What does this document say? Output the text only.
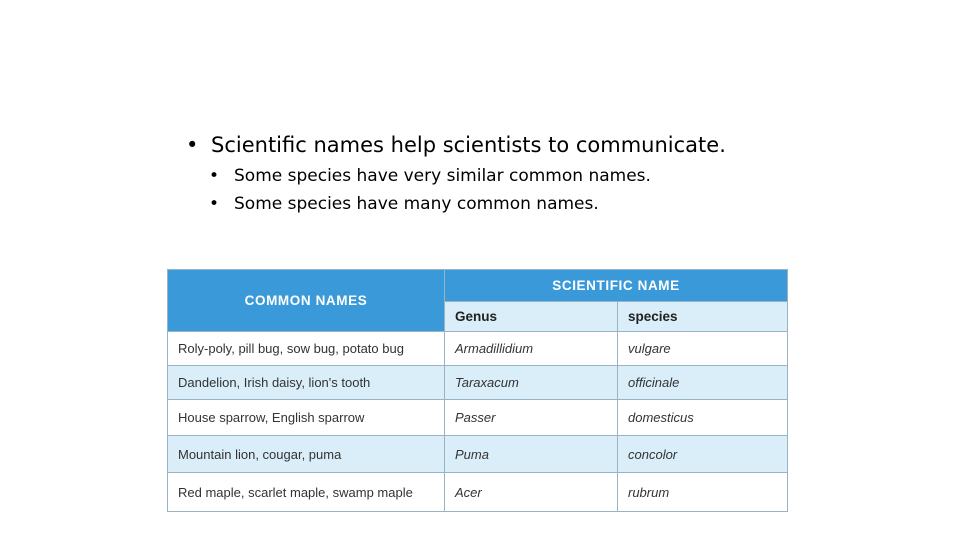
• Scientific names help scientists to communicate.
• Some species have very similar common names.
• Some species have many common names.
COMMON NAMES	SCIENTIFIC NAME	
	Genus	species
Roly-poly, pill bug, sow bug, potato bug	Armadillidium	vulgare
Dandelion, Irish daisy, lion's tooth	Taraxacum	officinale
House sparrow, English sparrow	Passer	domesticus
Mountain lion, cougar, puma	Puma	concolor
Red maple, scarlet maple, swamp maple	Acer	rubrum
